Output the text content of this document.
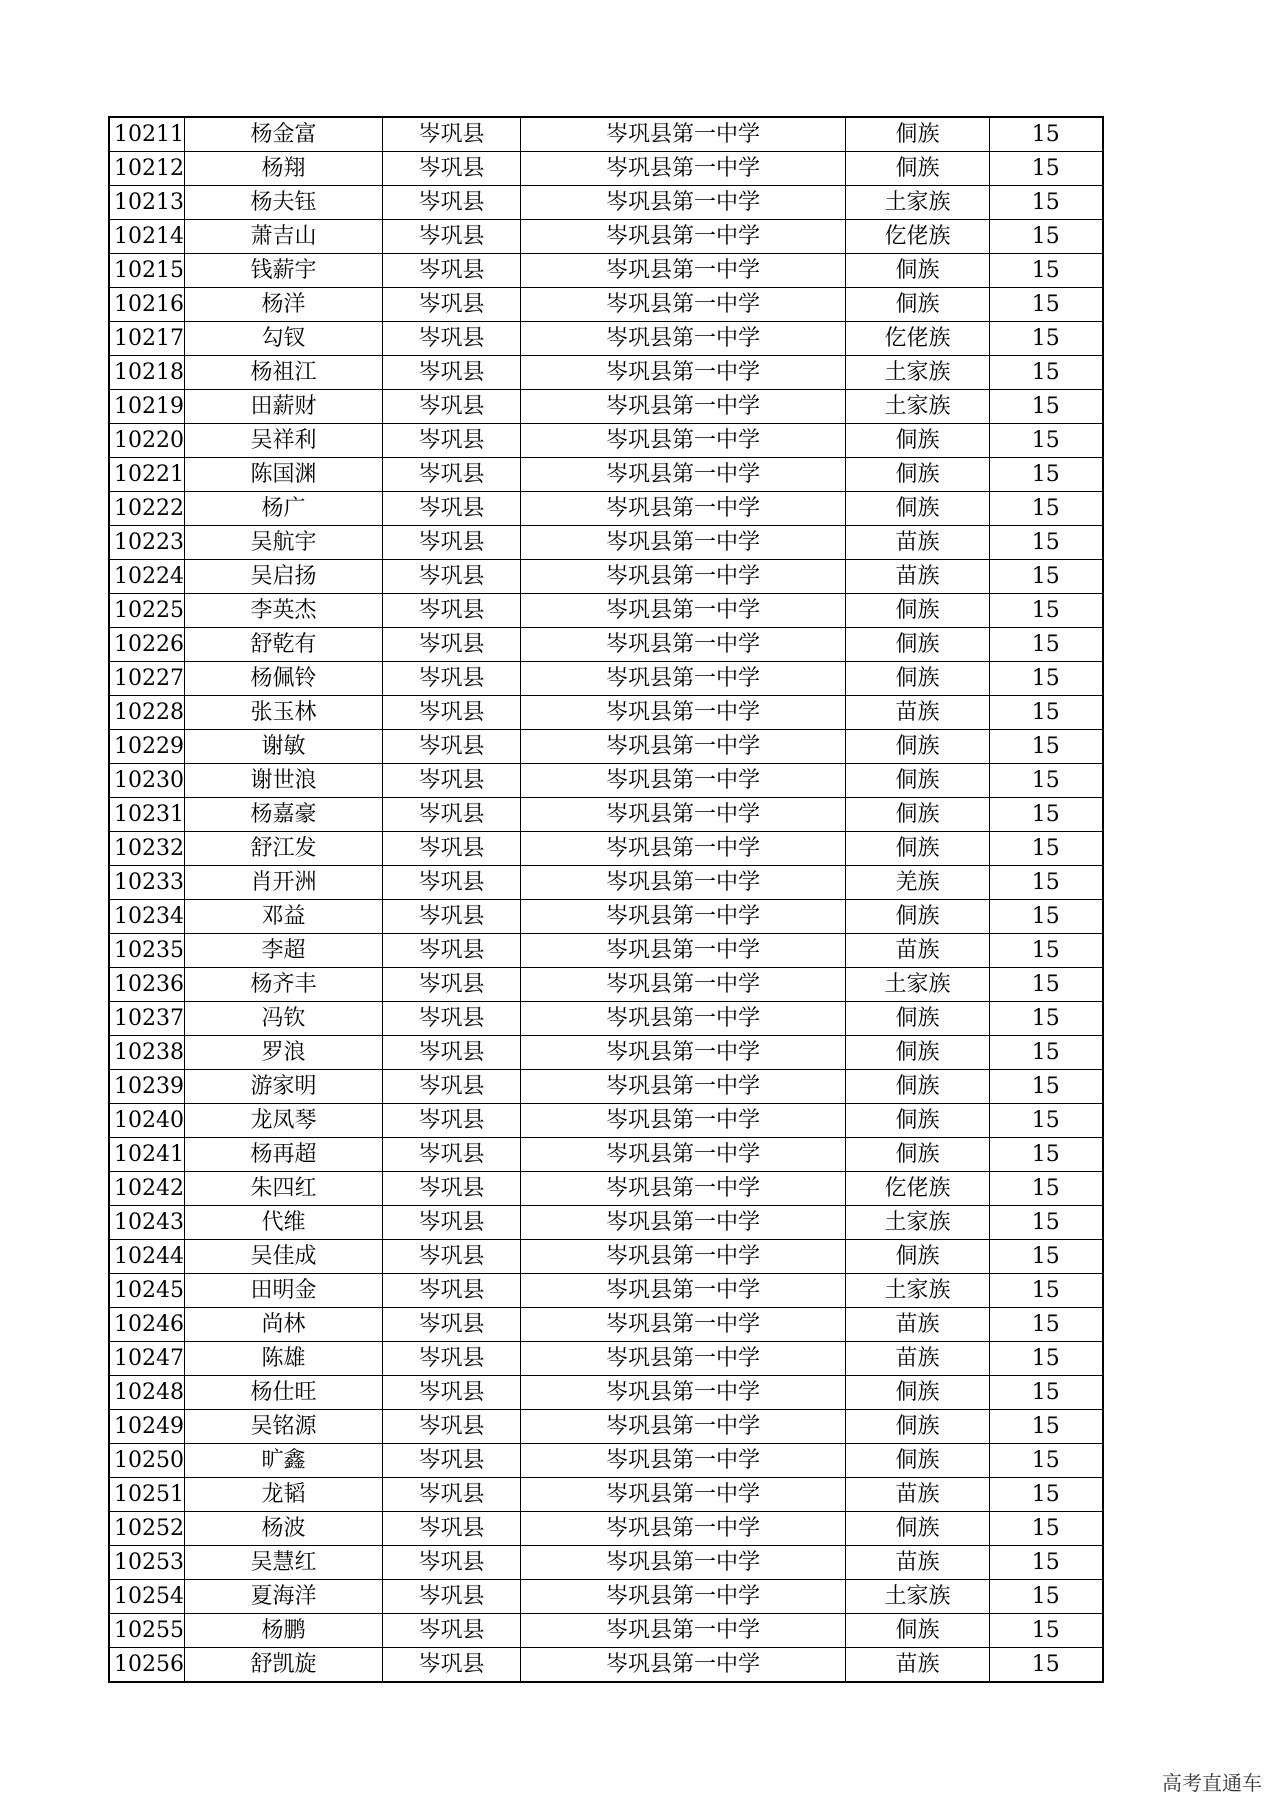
10211	杨金富	岑巩县	岑巩县第一中学	侗族	15
10212	杨翔	岑巩县	岑巩县第一中学	侗族	15
10213	杨夫钰	岑巩县	岑巩县第一中学	土家族	15
10214	萧吉山	岑巩县	岑巩县第一中学	仡佬族	15
10215	钱薪宇	岑巩县	岑巩县第一中学	侗族	15
10216	杨洋	岑巩县	岑巩县第一中学	侗族	15
10217	勾钗	岑巩县	岑巩县第一中学	仡佬族	15
10218	杨祖江	岑巩县	岑巩县第一中学	土家族	15
10219	田薪财	岑巩县	岑巩县第一中学	土家族	15
10220	吴祥利	岑巩县	岑巩县第一中学	侗族	15
10221	陈国渊	岑巩县	岑巩县第一中学	侗族	15
10222	杨广	岑巩县	岑巩县第一中学	侗族	15
10223	吴航宇	岑巩县	岑巩县第一中学	苗族	15
10224	吴启扬	岑巩县	岑巩县第一中学	苗族	15
10225	李英杰	岑巩县	岑巩县第一中学	侗族	15
10226	舒乾有	岑巩县	岑巩县第一中学	侗族	15
10227	杨佩铃	岑巩县	岑巩县第一中学	侗族	15
10228	张玉林	岑巩县	岑巩县第一中学	苗族	15
10229	谢敏	岑巩县	岑巩县第一中学	侗族	15
10230	谢世浪	岑巩县	岑巩县第一中学	侗族	15
10231	杨嘉豪	岑巩县	岑巩县第一中学	侗族	15
10232	舒江发	岑巩县	岑巩县第一中学	侗族	15
10233	肖开洲	岑巩县	岑巩县第一中学	羌族	15
10234	邓益	岑巩县	岑巩县第一中学	侗族	15
10235	李超	岑巩县	岑巩县第一中学	苗族	15
10236	杨齐丰	岑巩县	岑巩县第一中学	土家族	15
10237	冯钦	岑巩县	岑巩县第一中学	侗族	15
10238	罗浪	岑巩县	岑巩县第一中学	侗族	15
10239	游家明	岑巩县	岑巩县第一中学	侗族	15
10240	龙凤琴	岑巩县	岑巩县第一中学	侗族	15
10241	杨再超	岑巩县	岑巩县第一中学	侗族	15
10242	朱四红	岑巩县	岑巩县第一中学	仡佬族	15
10243	代维	岑巩县	岑巩县第一中学	土家族	15
10244	吴佳成	岑巩县	岑巩县第一中学	侗族	15
10245	田明金	岑巩县	岑巩县第一中学	土家族	15
10246	尚林	岑巩县	岑巩县第一中学	苗族	15
10247	陈雄	岑巩县	岑巩县第一中学	苗族	15
10248	杨仕旺	岑巩县	岑巩县第一中学	侗族	15
10249	吴铭源	岑巩县	岑巩县第一中学	侗族	15
10250	旷鑫	岑巩县	岑巩县第一中学	侗族	15
10251	龙韬	岑巩县	岑巩县第一中学	苗族	15
10252	杨波	岑巩县	岑巩县第一中学	侗族	15
10253	吴慧红	岑巩县	岑巩县第一中学	苗族	15
10254	夏海洋	岑巩县	岑巩县第一中学	土家族	15
10255	杨鹏	岑巩县	岑巩县第一中学	侗族	15
10256	舒凯旋	岑巩县	岑巩县第一中学	苗族	15
高考直通车
